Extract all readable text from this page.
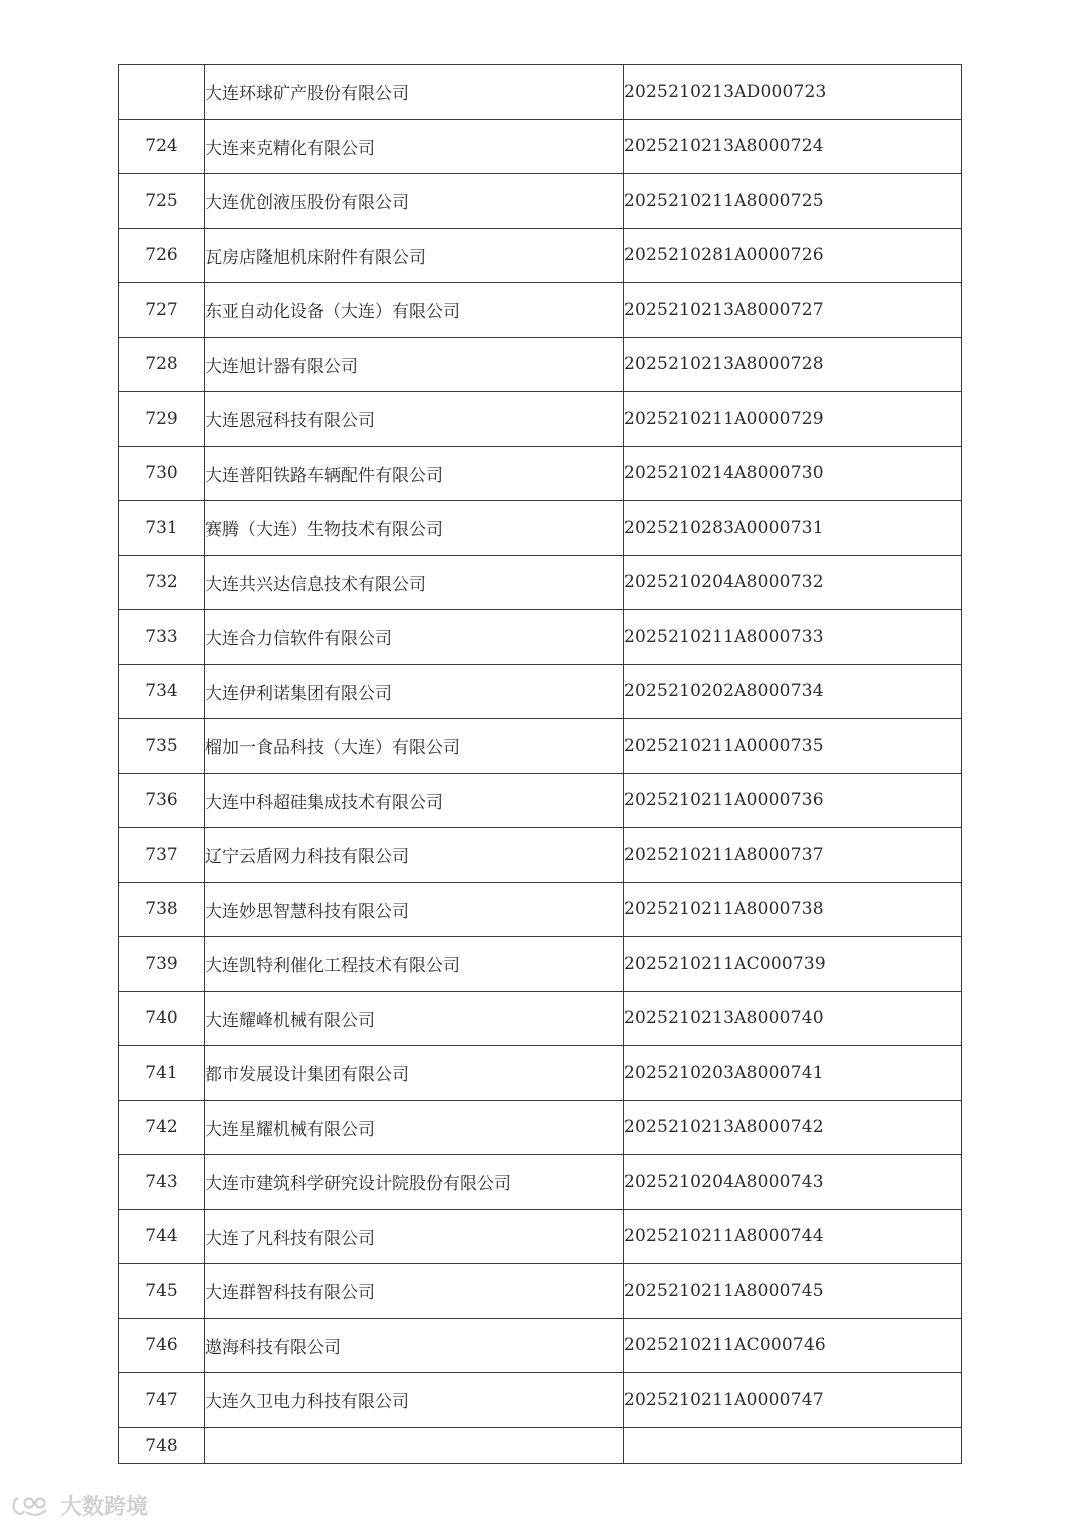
	大连环球矿产股份有限公司	2025210213AD000723
724	大连来克精化有限公司	2025210213A8000724
725	大连优创液压股份有限公司	2025210211A8000725
726	瓦房店隆旭机床附件有限公司	2025210281A0000726
727	东亚自动化设备（大连）有限公司	2025210213A8000727
728	大连旭计器有限公司	2025210213A8000728
729	大连恩冠科技有限公司	2025210211A0000729
730	大连普阳铁路车辆配件有限公司	2025210214A8000730
731	赛腾（大连）生物技术有限公司	2025210283A0000731
732	大连共兴达信息技术有限公司	2025210204A8000732
733	大连合力信软件有限公司	2025210211A8000733
734	大连伊利诺集团有限公司	2025210202A8000734
735	榴加一食品科技（大连）有限公司	2025210211A0000735
736	大连中科超硅集成技术有限公司	2025210211A0000736
737	辽宁云盾网力科技有限公司	2025210211A8000737
738	大连妙思智慧科技有限公司	2025210211A8000738
739	大连凯特利催化工程技术有限公司	2025210211AC000739
740	大连耀峰机械有限公司	2025210213A8000740
741	都市发展设计集团有限公司	2025210203A8000741
742	大连星耀机械有限公司	2025210213A8000742
743	大连市建筑科学研究设计院股份有限公司	2025210204A8000743
744	大连了凡科技有限公司	2025210211A8000744
745	大连群智科技有限公司	2025210211A8000745
746	遨海科技有限公司	2025210211AC000746
747	大连久卫电力科技有限公司	2025210211A0000747
748		
大数跨境
